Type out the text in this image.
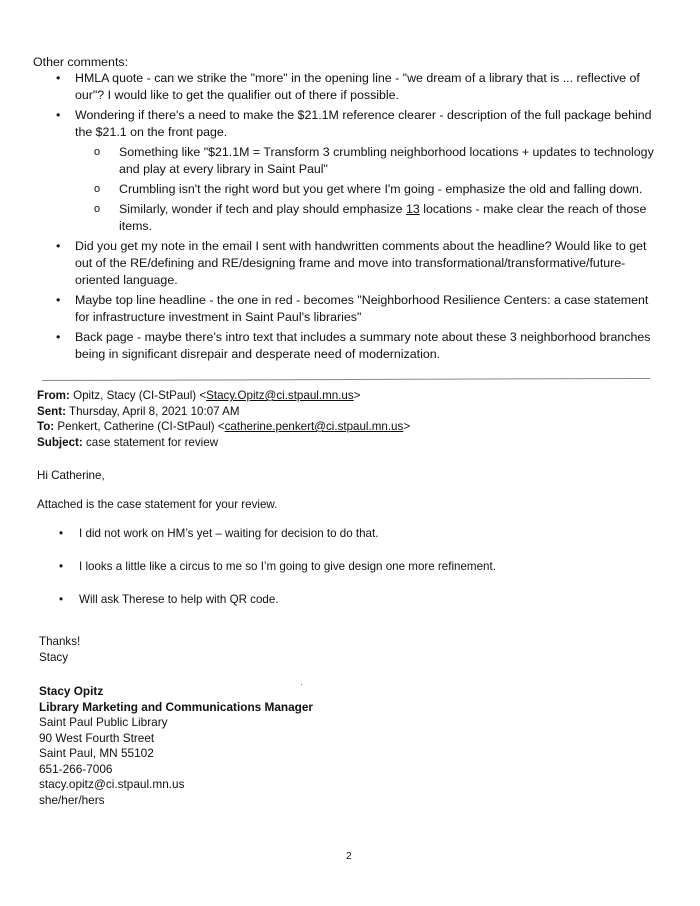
Other comments:
• HMLA quote - can we strike the "more" in the opening line - "we dream of a library that is ... reflective of our"? I would like to get the qualifier out of there if possible.
• Wondering if there's a need to make the $21.1M reference clearer - description of the full package behind the $21.1 on the front page.
o Something like "$21.1M = Transform 3 crumbling neighborhood locations + updates to technology and play at every library in Saint Paul"
o Crumbling isn't the right word but you get where I'm going - emphasize the old and falling down.
o Similarly, wonder if tech and play should emphasize 13 locations - make clear the reach of those items.
• Did you get my note in the email I sent with handwritten comments about the headline? Would like to get out of the RE/defining and RE/designing frame and move into transformational/transformative/future-oriented language.
• Maybe top line headline - the one in red - becomes "Neighborhood Resilience Centers: a case statement for infrastructure investment in Saint Paul's libraries"
• Back page - maybe there's intro text that includes a summary note about these 3 neighborhood branches being in significant disrepair and desperate need of modernization.
From: Opitz, Stacy (CI-StPaul) <Stacy.Opitz@ci.stpaul.mn.us>
Sent: Thursday, April 8, 2021 10:07 AM
To: Penkert, Catherine (CI-StPaul) <catherine.penkert@ci.stpaul.mn.us>
Subject: case statement for review
Hi Catherine,
Attached is the case statement for your review.
• I did not work on HM’s yet – waiting for decision to do that.
• I looks a little like a circus to me so I’m going to give design one more refinement.
• Will ask Therese to help with QR code.
Thanks!
Stacy
Stacy Opitz
Library Marketing and Communications Manager
Saint Paul Public Library
90 West Fourth Street
Saint Paul, MN 55102
651-266-7006
stacy.opitz@ci.stpaul.mn.us
she/her/hers
2
